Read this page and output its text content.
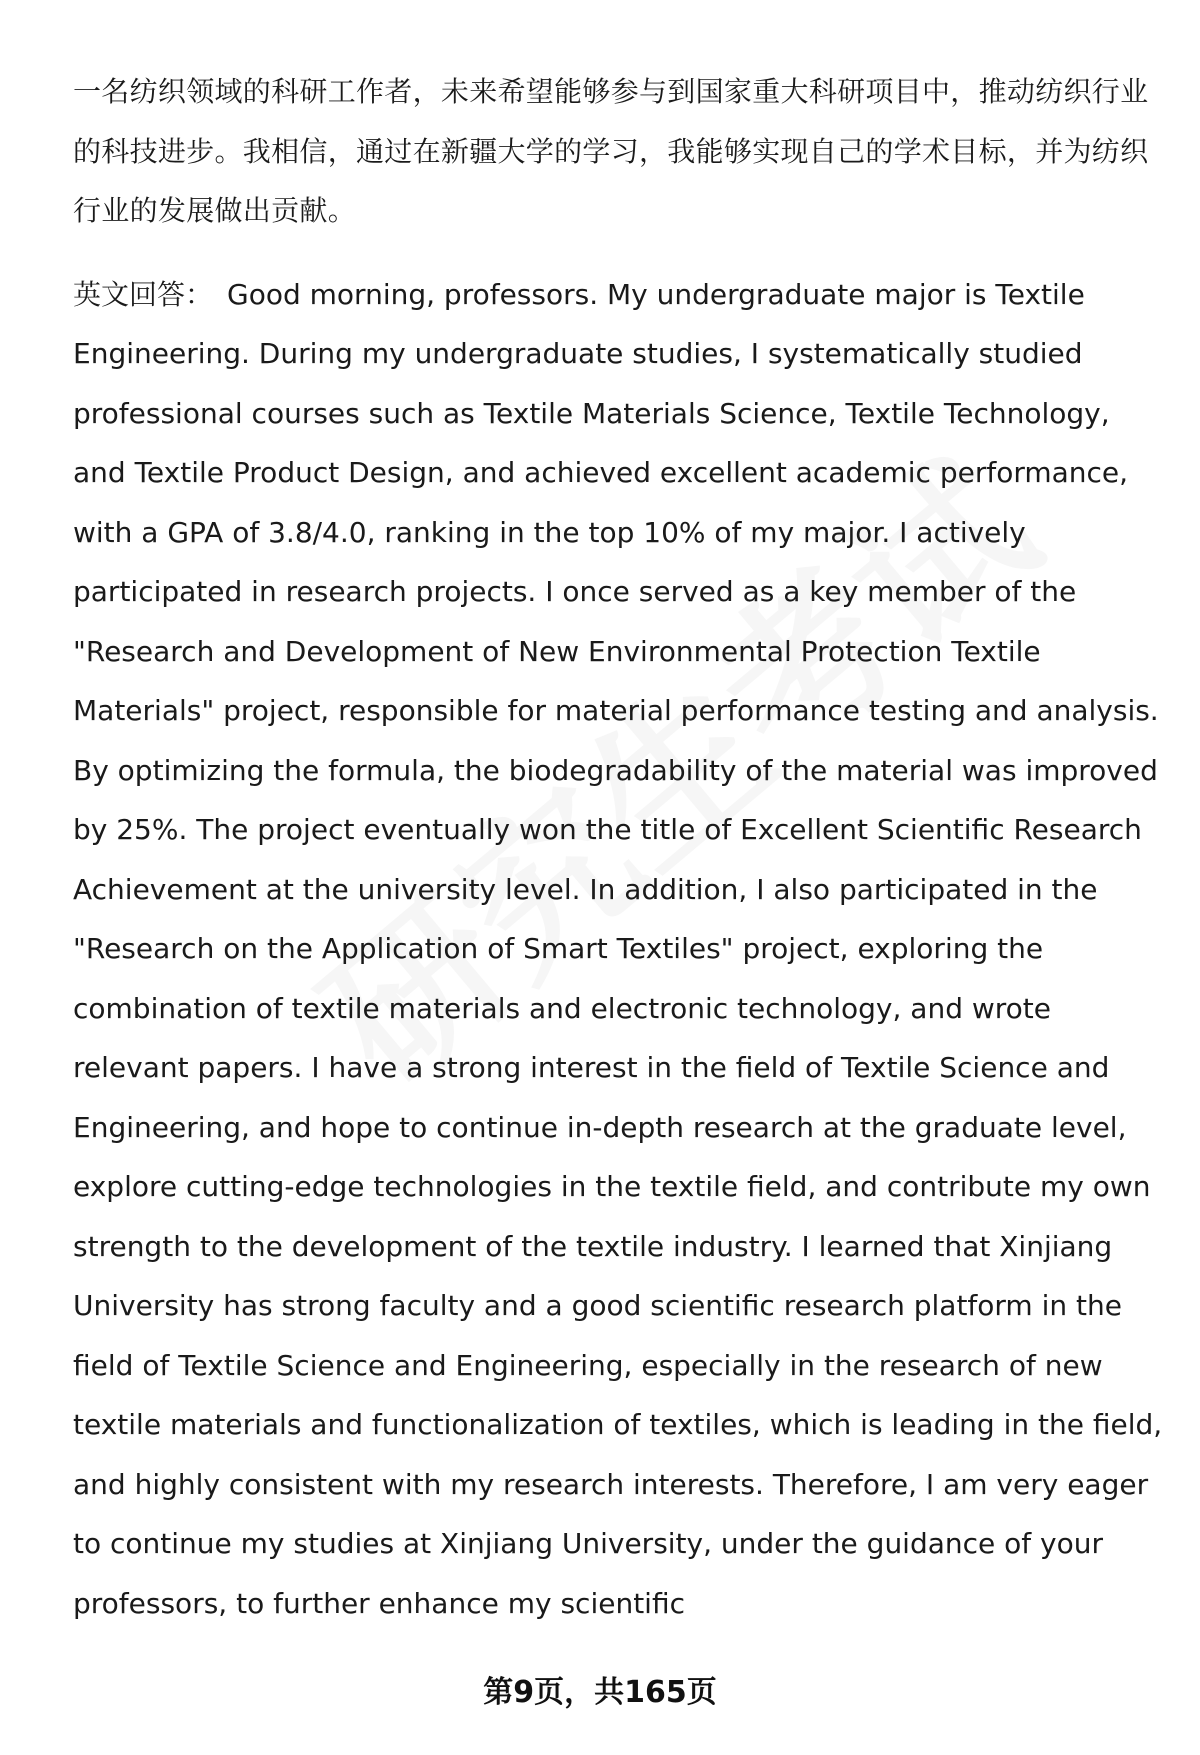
一名纺织领域的科研工作者，未来希望能够参与到国家重大科研项目中，推动纺织行业的科技进步。我相信，通过在新疆大学的学习，我能够实现自己的学术目标，并为纺织行业的发展做出贡献。

英文回答： Good morning, professors. My undergraduate major is Textile Engineering. During my undergraduate studies, I systematically studied professional courses such as Textile Materials Science, Textile Technology, and Textile Product Design, and achieved excellent academic performance, with a GPA of 3.8/4.0, ranking in the top 10% of my major. I actively participated in research projects. I once served as a key member of the "Research and Development of New Environmental Protection Textile Materials" project, responsible for material performance testing and analysis. By optimizing the formula, the biodegradability of the material was improved by 25%. The project eventually won the title of Excellent Scientific Research Achievement at the university level. In addition, I also participated in the "Research on the Application of Smart Textiles" project, exploring the combination of textile materials and electronic technology, and wrote relevant papers. I have a strong interest in the field of Textile Science and Engineering, and hope to continue in-depth research at the graduate level, explore cutting-edge technologies in the textile field, and contribute my own strength to the development of the textile industry. I learned that Xinjiang University has strong faculty and a good scientific research platform in the field of Textile Science and Engineering, especially in the research of new textile materials and functionalization of textiles, which is leading in the field, and highly consistent with my research interests. Therefore, I am very eager to continue my studies at Xinjiang University, under the guidance of your professors, to further enhance my scientific

第9页，共165页
